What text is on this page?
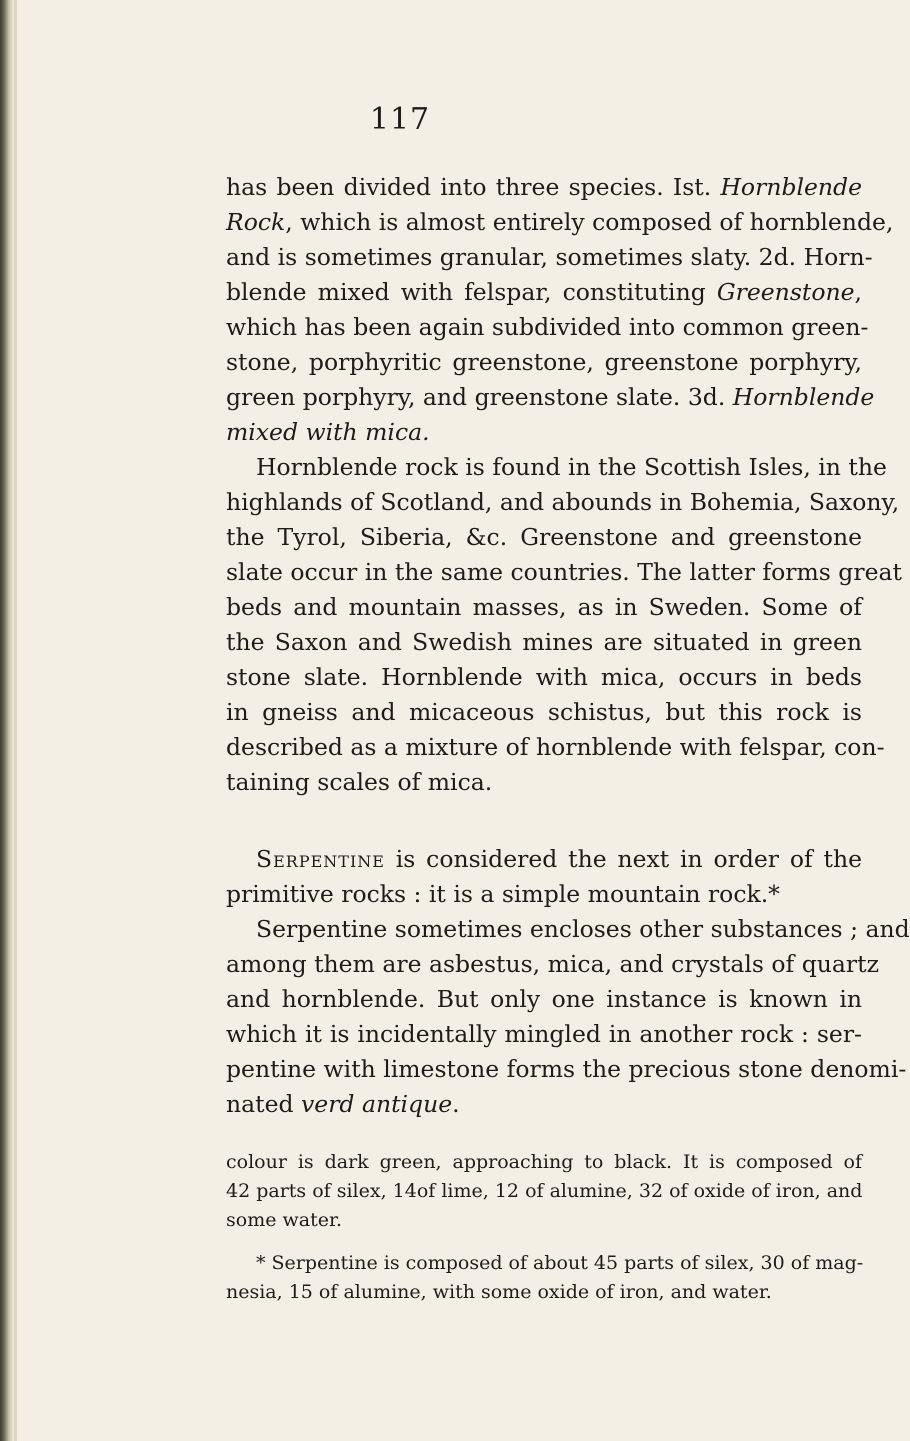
117

has been divided into three species. Ist. Hornblende

Rock, which is almost entirely composed of hornblende,

and is sometimes granular, sometimes slaty. 2d. Horn-

blende mixed with felspar, constituting Greenstone,

which has been again subdivided into common green-

stone, porphyritic greenstone, greenstone porphyry,

green porphyry, and greenstone slate. 3d. Hornblende

mixed with mica.

Hornblende rock is found in the Scottish Isles, in the

highlands of Scotland, and abounds in Bohemia, Saxony,

the Tyrol, Siberia, &c. Greenstone and greenstone

slate occur in the same countries. The latter forms great

beds and mountain masses, as in Sweden. Some of

the Saxon and Swedish mines are situated in green

stone slate. Hornblende with mica, occurs in beds

in gneiss and micaceous schistus, but this rock is

described as a mixture of hornblende with felspar, con-

taining scales of mica.

Serpentine is considered the next in order of the

primitive rocks : it is a simple mountain rock.*

Serpentine sometimes encloses other substances ; and

among them are asbestus, mica, and crystals of quartz

and hornblende. But only one instance is known in

which it is incidentally mingled in another rock : ser-

pentine with limestone forms the precious stone denomi-

nated verd antique.

colour is dark green, approaching to black. It is composed of

42 parts of silex, 14of lime, 12 of alumine, 32 of oxide of iron, and

some water.

* Serpentine is composed of about 45 parts of silex, 30 of mag-

nesia, 15 of alumine, with some oxide of iron, and water.
